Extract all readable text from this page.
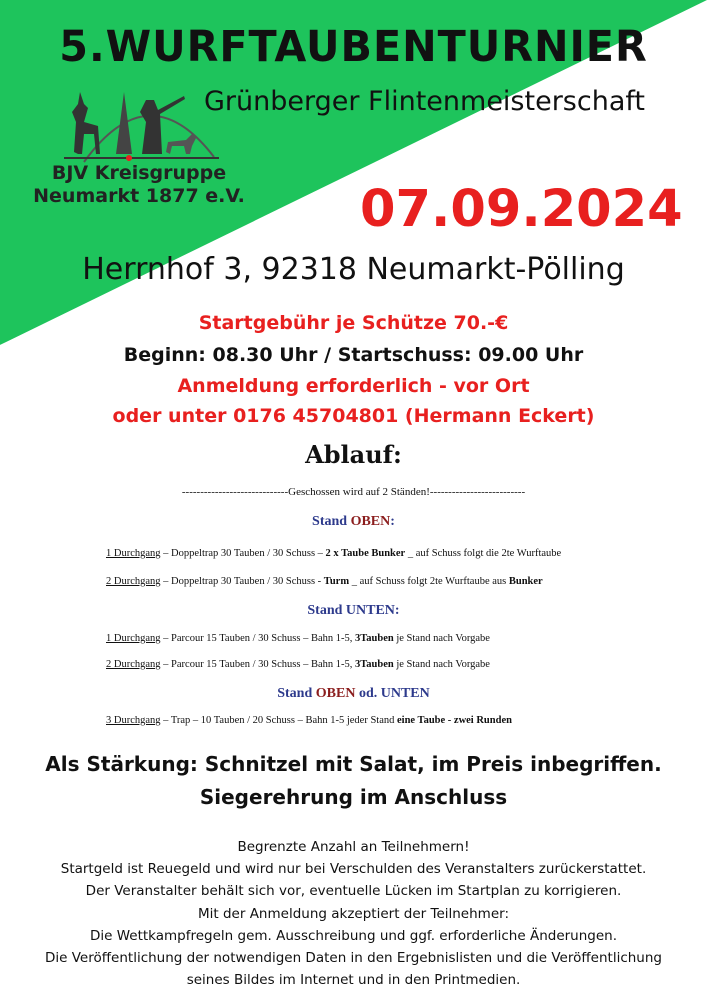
5.WURFTAUBENTURNIER
Grünberger Flintenmeisterschaft
BJV Kreisgruppe
Neumarkt 1877 e.V.	07.09.2024
Herrnhof 3, 92318 Neumarkt-Pölling
Startgebühr je Schütze 70.-€
Beginn: 08.30 Uhr / Startschuss: 09.00 Uhr
Anmeldung erforderlich - vor Ort
oder unter 0176 45704801 (Hermann Eckert)
Ablauf:
-----------------------------Geschossen wird auf 2 Ständen!--------------------------
Stand OBEN:
1 Durchgang – Doppeltrap 30 Tauben / 30 Schuss – 2 x Taube Bunker _ auf Schuss folgt die 2te Wurftaube
2 Durchgang – Doppeltrap 30 Tauben / 30 Schuss - Turm _ auf Schuss folgt 2te Wurftaube aus Bunker
Stand UNTEN:
1 Durchgang – Parcour 15 Tauben / 30 Schuss – Bahn 1-5, 3Tauben je Stand nach Vorgabe
2 Durchgang – Parcour 15 Tauben / 30 Schuss – Bahn 1-5, 3Tauben je Stand nach Vorgabe
Stand OBEN od. UNTEN
3 Durchgang – Trap – 10 Tauben / 20 Schuss – Bahn 1-5 jeder Stand eine Taube - zwei Runden
Als Stärkung: Schnitzel mit Salat, im Preis inbegriffen.
Siegerehrung im Anschluss
Begrenzte Anzahl an Teilnehmern!
Startgeld ist Reuegeld und wird nur bei Verschulden des Veranstalters zurückerstattet.
Der Veranstalter behält sich vor, eventuelle Lücken im Startplan zu korrigieren.
Mit der Anmeldung akzeptiert der Teilnehmer:
Die Wettkampfregeln gem. Ausschreibung und ggf. erforderliche Änderungen.
Die Veröffentlichung der notwendigen Daten in den Ergebnislisten und die Veröffentlichung
seines Bildes im Internet und in den Printmedien.
